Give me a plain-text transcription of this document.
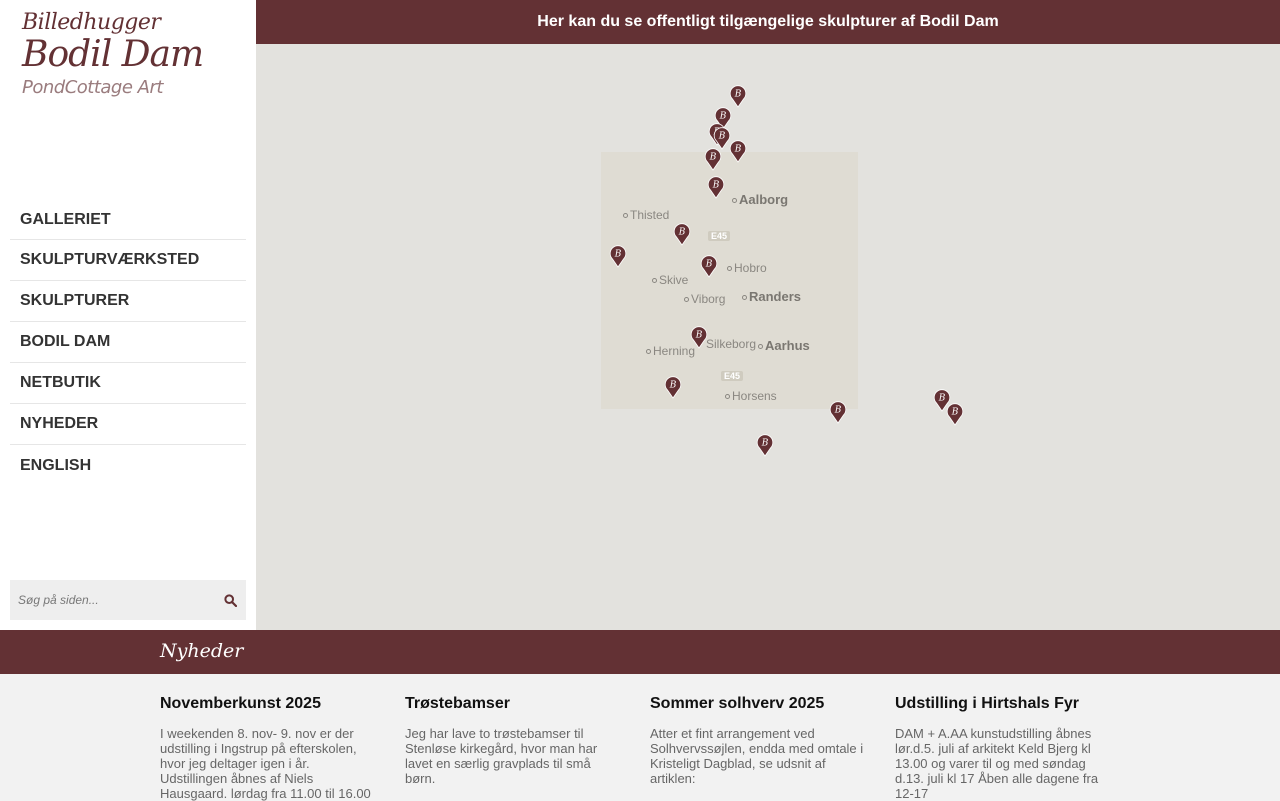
Billedhugger
Bodil Dam
PondCottage Art
GALLERIET
SKULPTURVÆRKSTED
SKULPTURER
BODIL DAM
NETBUTIK
NYHEDER
ENGLISH
Søg på siden...
Her kan du se offentligt tilgængelige skulpturer af Bodil Dam
Aalborg
Thisted
Skive
Hobro
Viborg	Randers
Herning Silkeborg Aarhus
Horsens
E45
E45
B
B
B
B
B
B
B
B
B
B
B
B
B
B
B
Nyheder
Novemberkunst 2025

I weekenden 8. nov- 9. nov er der udstilling i Ingstrup på efterskolen, hvor jeg deltager igen i år. Udstillingen åbnes af Niels Hausgaard. lørdag fra 11.00 til 16.00

Trøstebamser

Jeg har lave to trøstebamser til Stenløse kirkegård, hvor man har lavet en særlig gravplads til små børn.

Sommer solhverv 2025

Atter et fint arrangement ved Solhvervssøjlen, endda med omtale i Kristeligt Dagblad, se udsnit af artiklen:

Udstilling i Hirtshals Fyr

DAM + A.AA kunstudstilling åbnes lør.d.5. juli af arkitekt Keld Bjerg kl 13.00 og varer til og med søndag d.13. juli kl 17 Åben alle dagene fra 12-17
